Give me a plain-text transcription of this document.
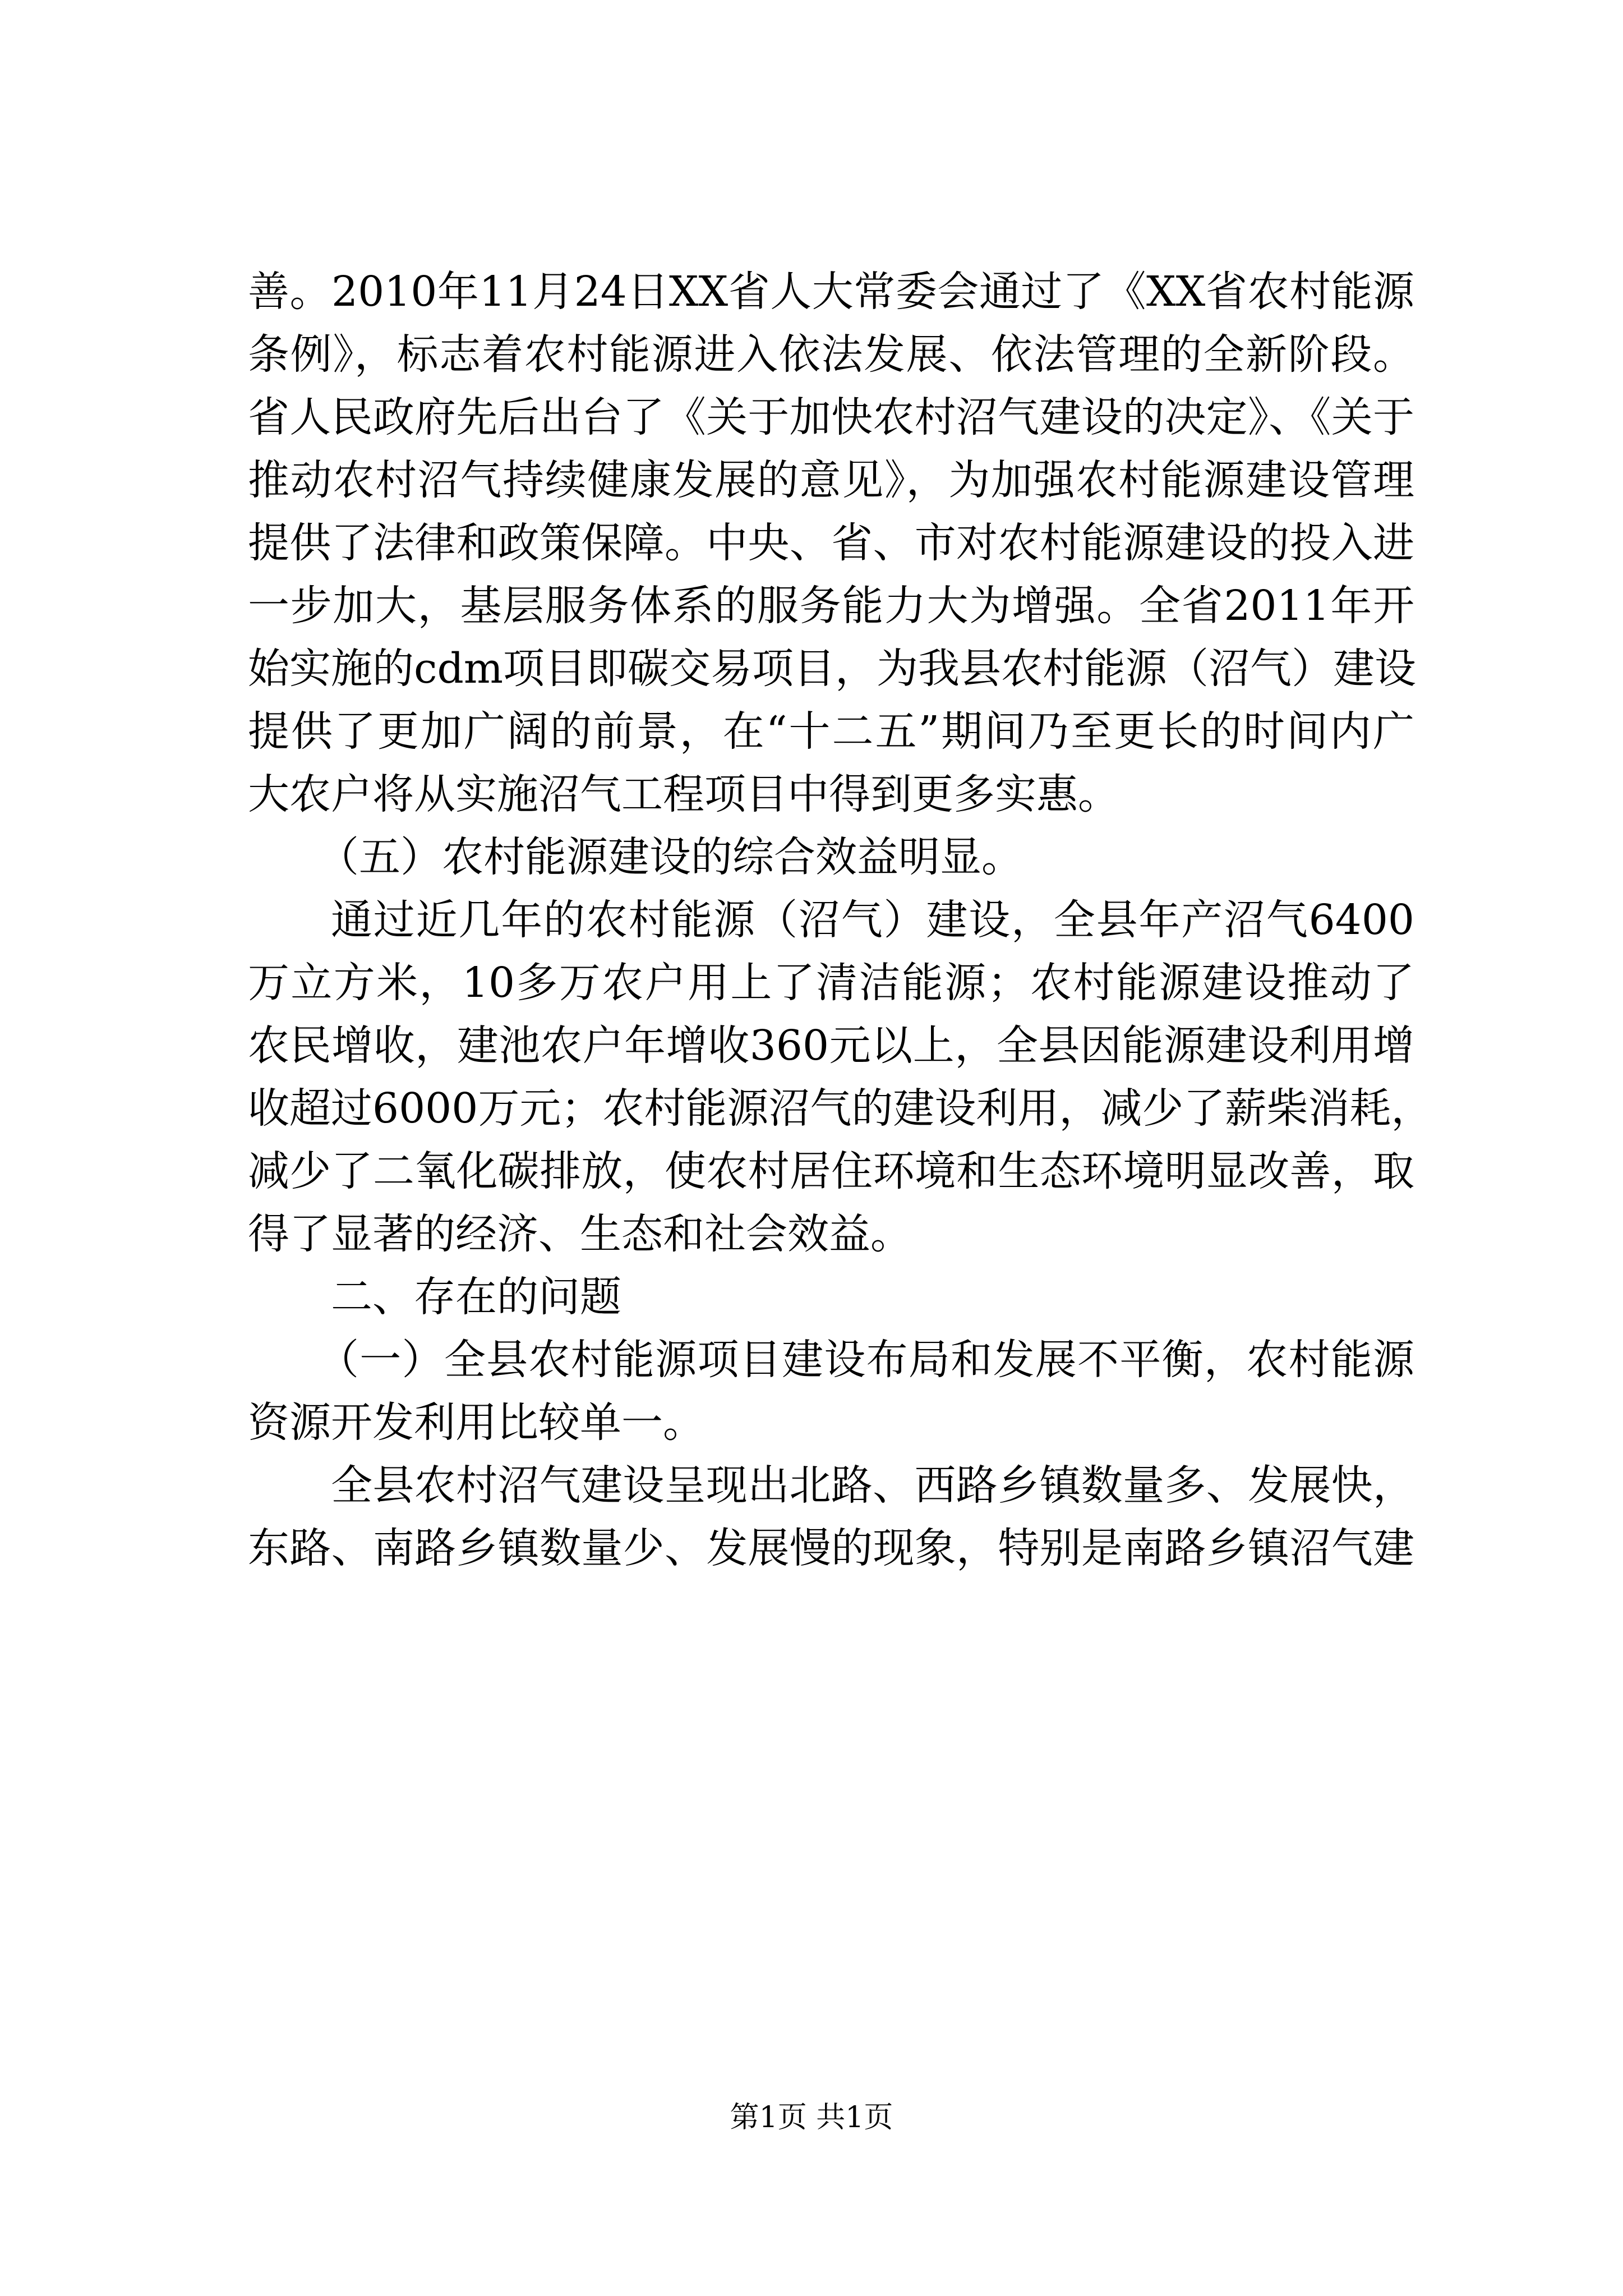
善。2010年11月24日XX省人大常委会通过了《XX省农村能源
条例》，标志着农村能源进入依法发展、依法管理的全新阶段。
省人民政府先后出台了《关于加快农村沼气建设的决定》、《关于
推动农村沼气持续健康发展的意见》，为加强农村能源建设管理
提供了法律和政策保障。中央、省、市对农村能源建设的投入进
一步加大，基层服务体系的服务能力大为增强。全省2011年开
始实施的cdm项目即碳交易项目，为我县农村能源（沼气）建设
提供了更加广阔的前景，在“十二五”期间乃至更长的时间内广
大农户将从实施沼气工程项目中得到更多实惠。
（五）农村能源建设的综合效益明显。
通过近几年的农村能源（沼气）建设，全县年产沼气6400
万立方米，10多万农户用上了清洁能源；农村能源建设推动了
农民增收，建池农户年增收360元以上，全县因能源建设利用增
收超过6000万元；农村能源沼气的建设利用，减少了薪柴消耗，
减少了二氧化碳排放，使农村居住环境和生态环境明显改善，取
得了显著的经济、生态和社会效益。
二、存在的问题
（一）全县农村能源项目建设布局和发展不平衡，农村能源
资源开发利用比较单一。
全县农村沼气建设呈现出北路、西路乡镇数量多、发展快，
东路、南路乡镇数量少、发展慢的现象，特别是南路乡镇沼气建
第1页 共1页
